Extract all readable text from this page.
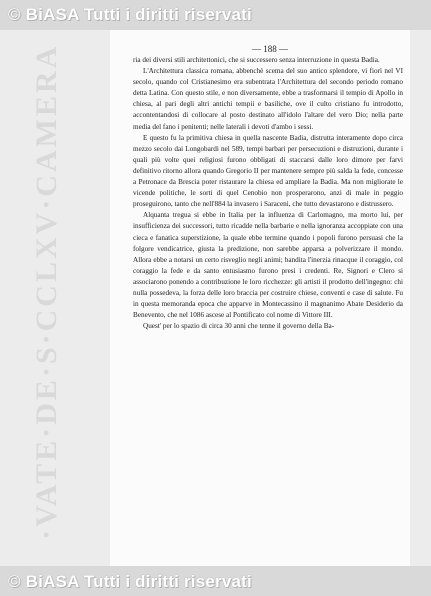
© BiASA Tutti i diritti riservati
·VATE·DE·S·CCLXV·CAMERA	— 188 —

ria dei diversi stili architettonici, che si successero senza interruzione in questa Badia.

L'Architettura classica romana, abbenchè scema del suo antico splendore, vi fiorì nel VI secolo, quando col Cristianesimo era subentrata l'Architettura del secondo periodo romano detta Latina. Con questo stile, e non diversamente, ebbe a trasformarsi il tempio di Apollo in chiesa, al pari degli altri antichi tempii e basiliche, ove il culto cristiano fu introdotto, accontentandosi di collocare al posto destinato all'idolo l'altare del vero Dio; nella parte media del fano i penitenti; nelle laterali i devoti d'ambo i sessi.

E questo fu la primitiva chiesa in quella nascente Badia, distrutta interamente dopo circa mezzo secolo dai Longobardi nel 589, tempi barbari per persecuzioni e distruzioni, durante i quali più volte quei religiosi furono obbligati di staccarsi dalle loro dimore per farvi definitivo ritorno allora quando Gregorio II per mantenere sempre più salda la fede, concesse a Petronace da Brescia poter ristaurare la chiesa ed ampliare la Badia. Ma non migliorate le vicende politiche, le sorti di quel Cenobio non prosperarono, anzi di male in peggio proseguirono, tanto che nell'884 la invasero i Saraceni, che tutto devastarono e distrussero.

Alquanta tregua si ebbe in Italia per la influenza di Carlomagno, ma morto lui, per insufficienza dei successori, tutto ricadde nella barbarie e nella ignoranza accoppiate con una cieca e fanatica superstizione, la quale ebbe termine quando i popoli furono persuasi che la folgore vendicatrice, giusta la predizione, non sarebbe apparsa a polverizzare il mondo. Allora ebbe a notarsi un certo risveglio negli animi; bandita l'inerzia rinacque il coraggio, col coraggio la fede e da santo entusiasmo furono presi i credenti. Re, Signori e Clero si associarono ponendo a contribuzione le loro ricchezze: gli artisti il prodotto dell'ingegno: chi nulla possedeva, la forza delle loro braccia per costruire chiese, conventi e case di salute. Fu in questa memoranda epoca che apparve in Montecassino il magnanimo Abate Desiderio da Benevento, che nel 1086 ascese al Pontificato col nome di Vittore III.

Quest' per lo spazio di circa 30 anni che tenne il governo della Ba-

© BiASA Tutti i diritti riservati
